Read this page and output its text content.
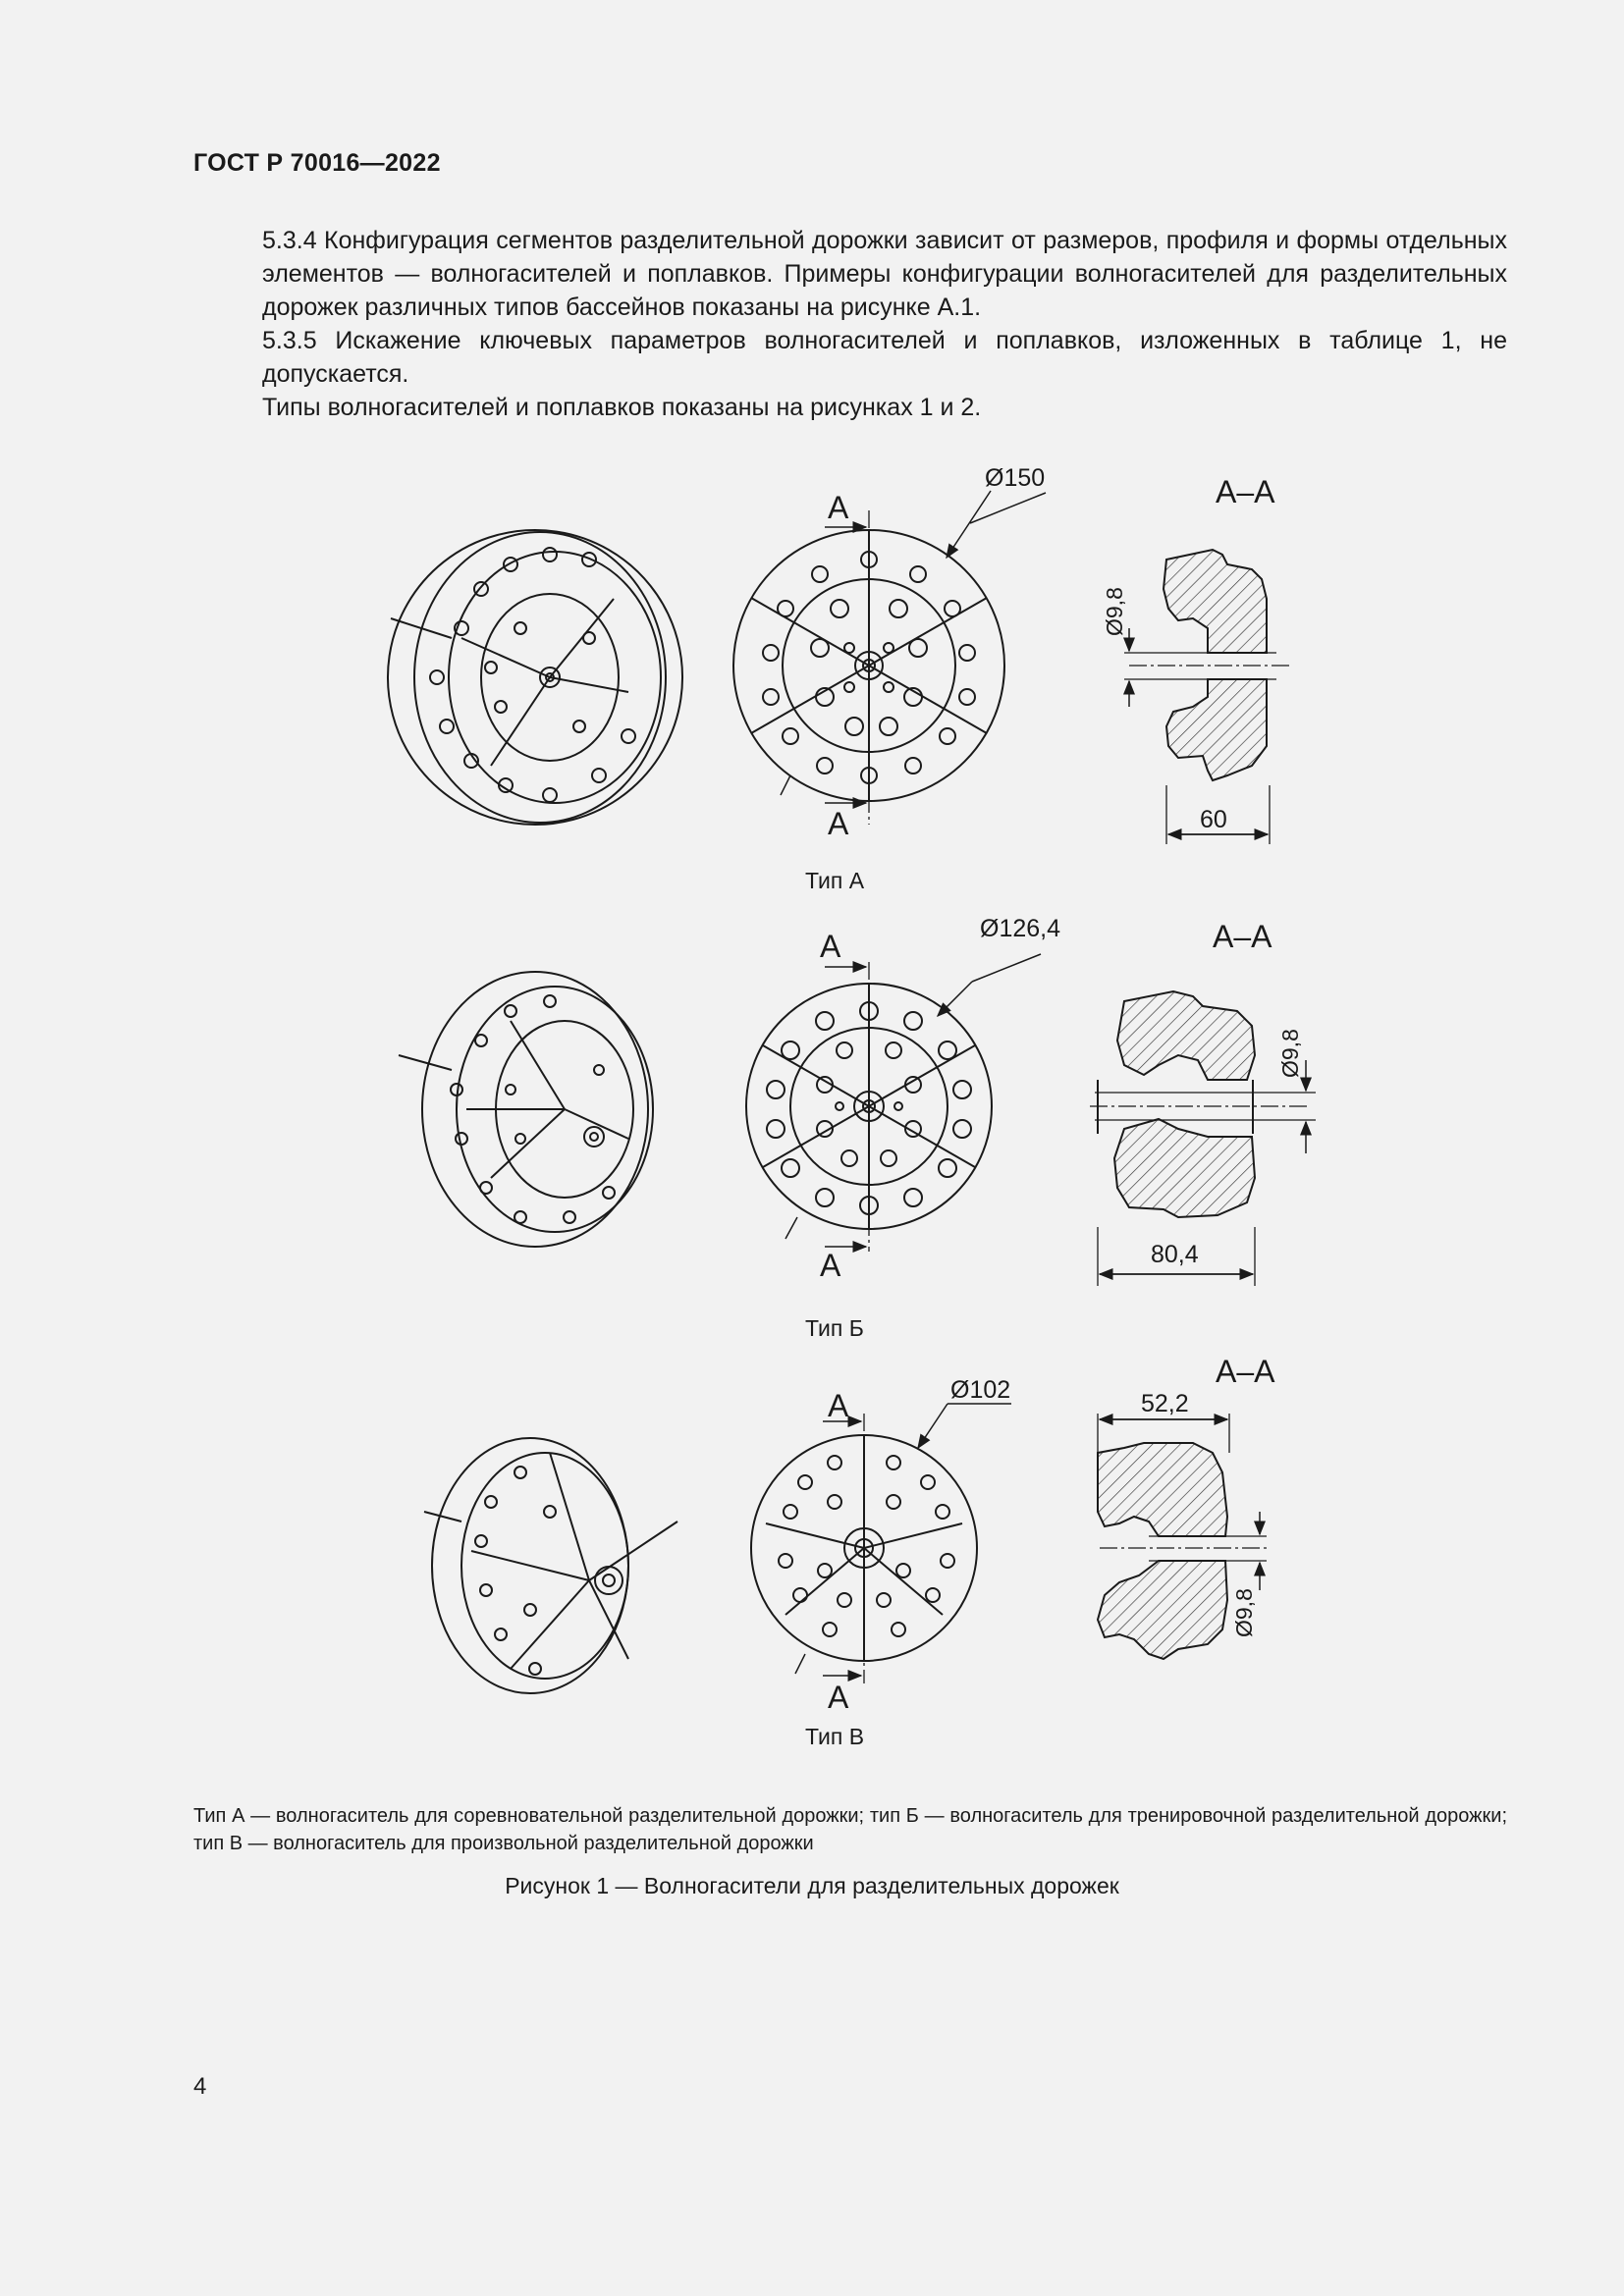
ГОСТ Р 70016—2022
5.3.4 Конфигурация сегментов разделительной дорожки зависит от размеров, профиля и формы отдельных элементов — волногасителей и поплавков. Примеры конфигурации волногасителей для разделительных дорожек различных типов бассейнов показаны на рисунке А.1.
5.3.5 Искажение ключевых параметров волногасителей и поплавков, изложенных в таблице 1, не допускается.
Типы волногасителей и поплавков показаны на рисунках 1 и 2.
А
А
Ø150	А–А
60
Ø9,8
А
А
Ø126,4	А–А
80,4
Ø9,8
А
А
Ø102
А–А
52,2
Ø9,8
Тип А
Тип Б
Тип В
Тип А — волногаситель для соревновательной разделительной дорожки; тип Б — волногаситель для тренировочной разделительной дорожки; тип В — волногаситель для произвольной разделительной дорожки
Рисунок 1 — Волногасители для разделительных дорожек
4
